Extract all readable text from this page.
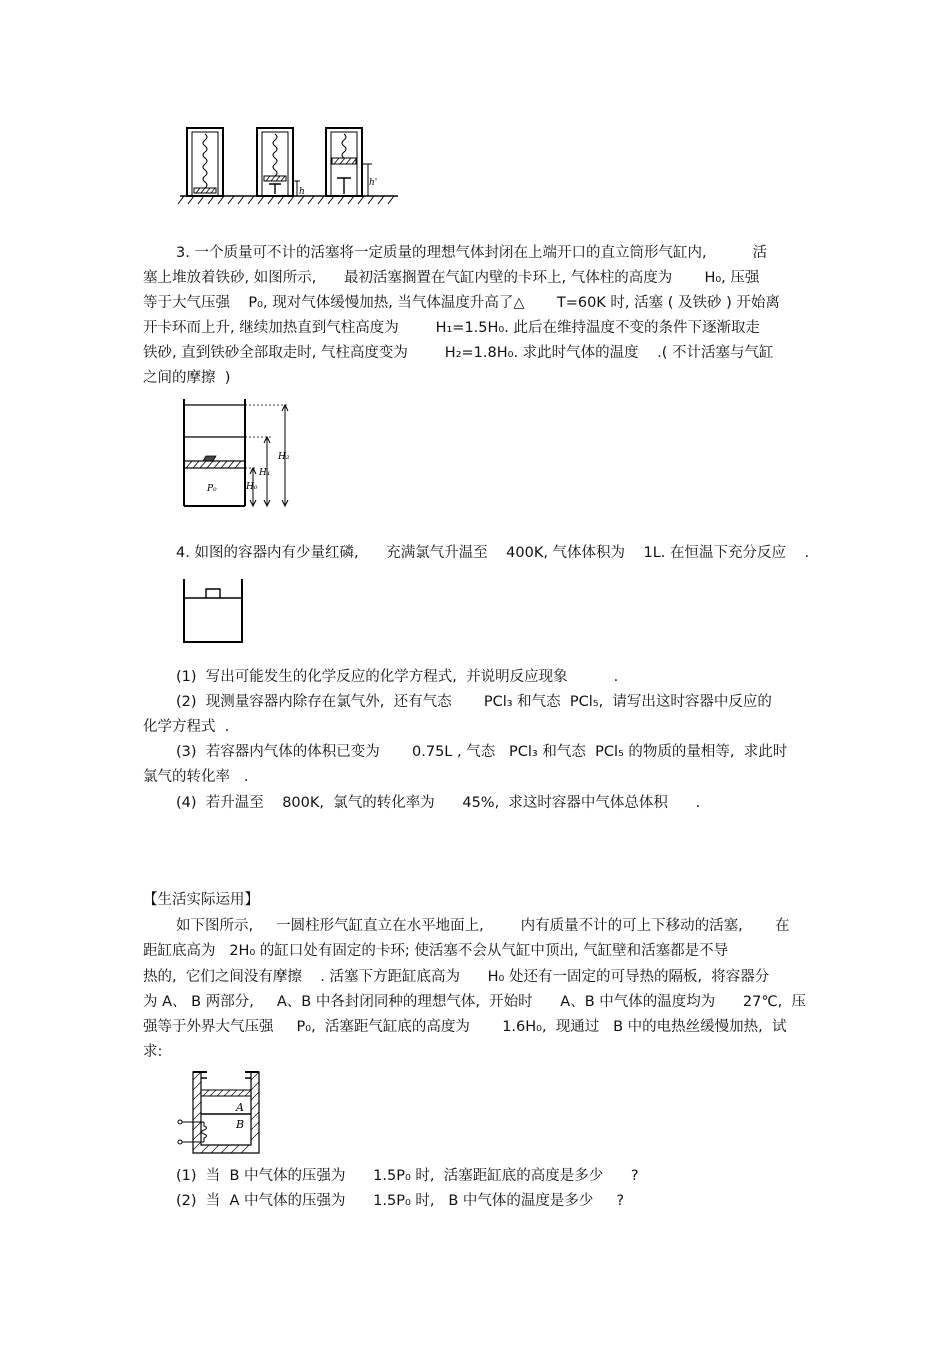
h
h'
3. 一个质量可不计的活塞将一定质量的理想气体封闭在上端开口的直立筒形气缸内,          活
塞上堆放着铁砂, 如图所示,      最初活塞搁置在气缸内壁的卡环上, 气体柱的高度为       H₀, 压强
等于大气压强    P₀, 现对气体缓慢加热, 当气体温度升高了△       T=60K 时, 活塞 ( 及铁砂 ) 开始离
开卡环而上升, 继续加热直到气柱高度为        H₁=1.5H₀. 此后在维持温度不变的条件下逐渐取走
铁砂, 直到铁砂全部取走时, 气柱高度变为        H₂=1.8H₀. 求此时气体的温度    .( 不计活塞与气缸
之间的摩擦  )
H₂
H₁
H₀
P₀
4. 如图的容器内有少量红磷,      充满氯气升温至    400K, 气体体积为    1L. 在恒温下充分反应    .
(1)  写出可能发生的化学反应的化学方程式,  并说明反应现象          .
(2)  现测量容器内除存在氯气外,  还有气态       PCl₃ 和气态  PCl₅,  请写出这时容器中反应的
化学方程式  .
(3)  若容器内气体的体积已变为       0.75L , 气态   PCl₃ 和气态  PCl₅ 的物质的量相等,  求此时
氯气的转化率   .
(4)  若升温至    800K,  氯气的转化率为      45%,  求这时容器中气体总体积      .
【生活实际运用】
如下图所示,     一圆柱形气缸直立在水平地面上,        内有质量不计的可上下移动的活塞,       在
距缸底高为   2H₀ 的缸口处有固定的卡环; 使活塞不会从气缸中顶出, 气缸壁和活塞都是不导
热的,  它们之间没有摩擦    . 活塞下方距缸底高为      H₀ 处还有一固定的可导热的隔板,  将容器分
为 A、 B 两部分,     A、B 中各封闭同种的理想气体,  开始时      A、B 中气体的温度均为      27℃,  压
强等于外界大气压强     P₀,  活塞距气缸底的高度为       1.6H₀,  现通过   B 中的电热丝缓慢加热,  试
求:
A
B
(1)  当  B 中气体的压强为      1.5P₀ 时,  活塞距缸底的高度是多少      ?
(2)  当  A 中气体的压强为      1.5P₀ 时,   B 中气体的温度是多少     ?
